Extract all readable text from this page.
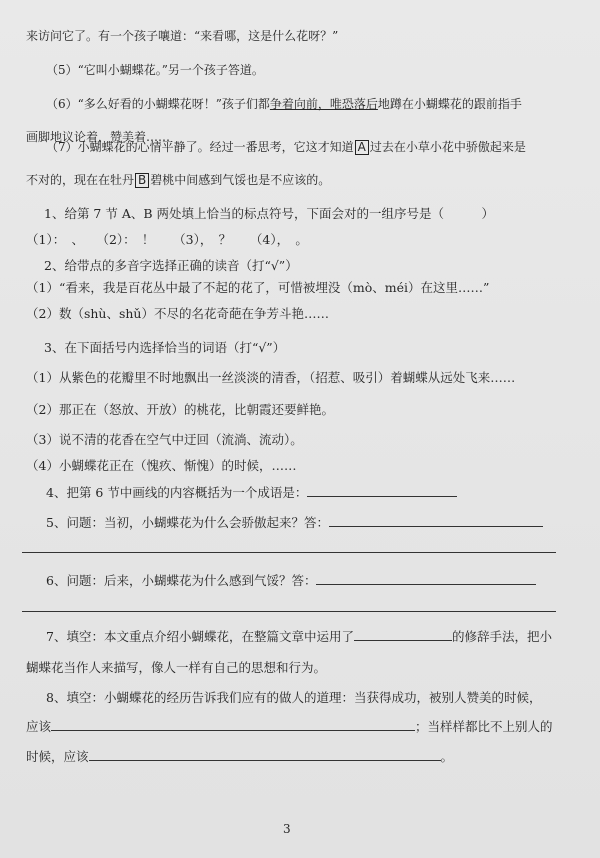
来访问它了。有一个孩子嚷道：“来看哪，这是什么花呀？”
（5）“它叫小蝴蝶花。”另一个孩子答道。
（6）“多么好看的小蝴蝶花呀！”孩子们都争着向前，唯恐落后地蹲在小蝴蝶花的跟前指手
画脚地议论着，赞美着……
（7）小蝴蝶花的心情平静了。经过一番思考，它这才知道 A 过去在小草小花中骄傲起来是
不对的，现在在牡丹 B 碧桃中间感到气馁也是不应该的。
1、给第 7 节 A、B 两处填上恰当的标点符号，下面会对的一组序号是（　　　）
（1）：　、　　（2）：　！　　（3），　？　　（4），　。
2、给带点的多音字选择正确的读音（打“√”）
（1）“看来，我是百花丛中最了不起的花了，可惜被埋没（mò、méi）在这里……”
（2）数（shù、shǔ）不尽的名花奇葩在争芳斗艳……
3、在下面括号内选择恰当的词语（打“√”）
（1）从紫色的花瓣里不时地飘出一丝淡淡的清香，（招惹、吸引）着蝴蝶从远处飞来……
（2）那正在（怒放、开放）的桃花，比朝霞还要鲜艳。
（3）说不清的花香在空气中迂回（流淌、流动）。
（4）小蝴蝶花正在（愧疚、惭愧）的时候，……
4、把第 6 节中画线的内容概括为一个成语是：
5、问题：当初，小蝴蝶花为什么会骄傲起来？答：
6、问题：后来，小蝴蝶花为什么感到气馁？答：
7、填空：本文重点介绍小蝴蝶花，在整篇文章中运用了	的修辞手法，把小
蝴蝶花当作人来描写，像人一样有自己的思想和行为。
8、填空：小蝴蝶花的经历告诉我们应有的做人的道理：当获得成功，被别人赞美的时候，
应该	；当样样都比不上别人的
时候，应该	。
3
